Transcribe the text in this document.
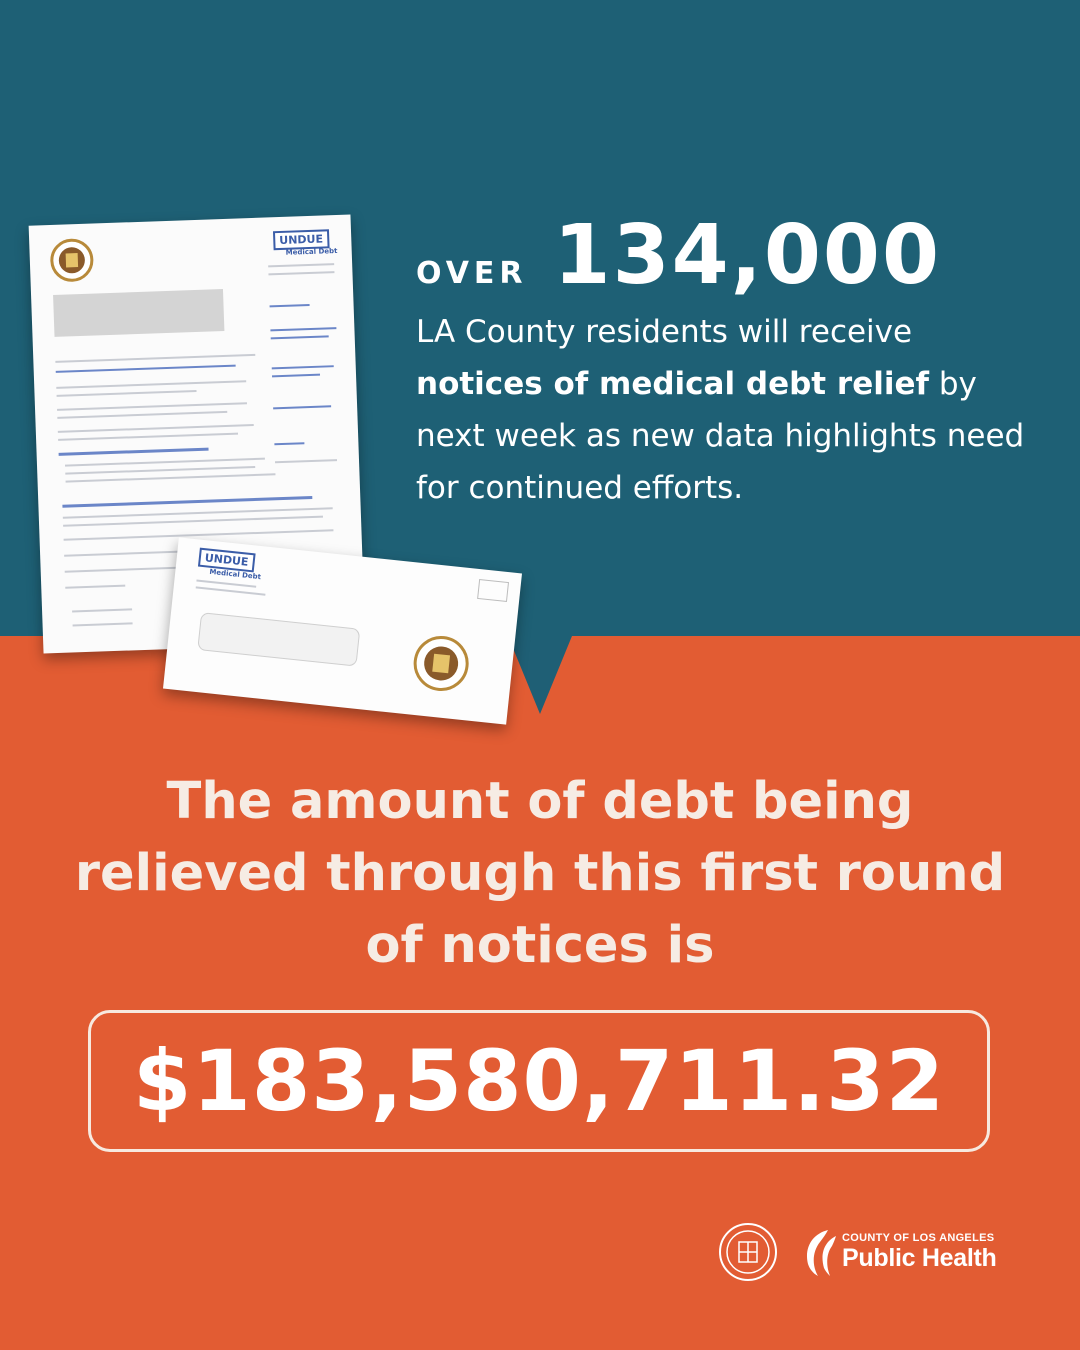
UNDUE
Medical Debt
UNDUE
Medical Debt
OVER 134,000
LA County residents will receive notices of medical debt relief by next week as new data highlights need for continued efforts.
The amount of debt being relieved through this first round of notices is
$183,580,711.32
COUNTY OF LOS ANGELES
Public Health
